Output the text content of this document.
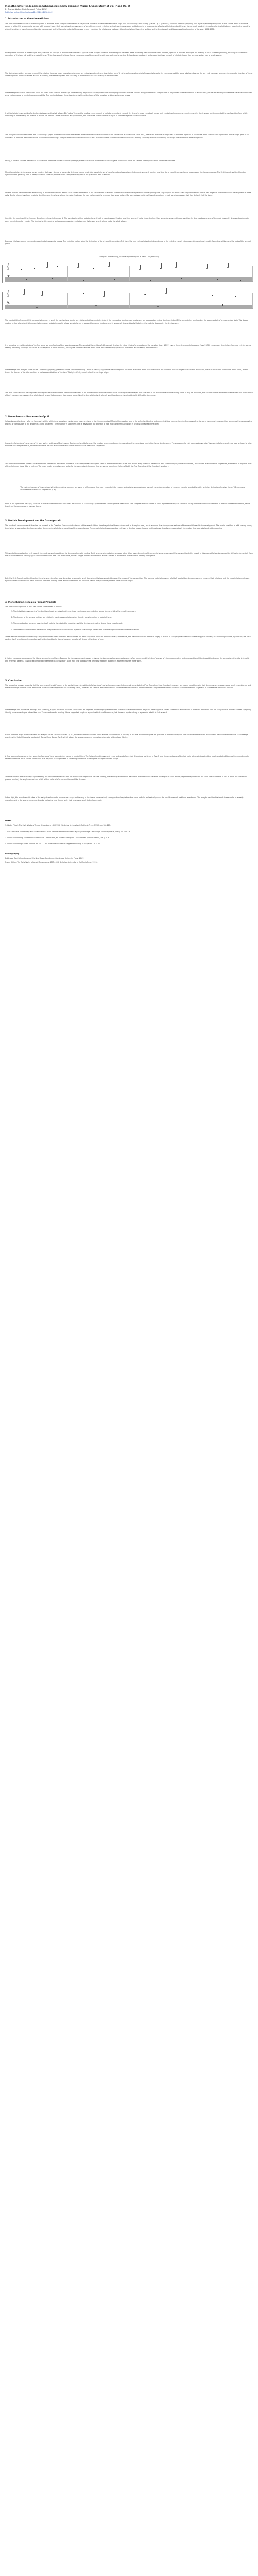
Monothematic Tendencies in Schoenberg's Early Chamber Music: A Case Study of Op. 7 and Op. 9
By Thomas Walker, Music Research Fellow (2016)
Published online: https://doi.org/10.1234/mt.2016.0042
1. Introduction -- Monothematicism
The term 'monothematicism' is commonly used to describe music composed so that all of its principal thematic material derives from a single idea. Schoenberg's First String Quartet, Op. 7 (1904-05) and the Chamber Symphony, Op. 9 (1906) are frequently cited as the central works of his tonal period in which this procedure is pursued with unusual rigour. Both works fuse the movements of a multi-movement cycle into a single continuous span, and both derive a large number of ostensibly independent themes from a small stock of intervallic cells. In what follows I examine the extent to which the notion of a single generating idea can account for the thematic content of these works, and I consider the relationship between Schoenberg's later theoretical writings on the Grundgestalt and his compositional practice of the years 1904-1906.
My argument proceeds in three stages. First, I review the concept of monothematicism as it appears in the analytic literature and distinguish between weak and strong versions of the claim. Second, I present a detailed reading of the opening of the Chamber Symphony, focusing on the motivic derivation of the horn call and the principal theme. Third, I consider the larger formal consequences of the monothematic approach and argue that Schoenberg's practice is better described as a network of related shapes than as a derivation from a single source.
The distinction matters because much of the existing literature treats monothematicism as an evaluative rather than a descriptive term. To call a work monothematic is frequently to praise its coherence; yet the same label can obscure the very real contrasts on which the dramatic structure of these works depends. A more nuanced account is needed, one that recognises both the unity of the material and the diversity of its characters.
Schoenberg himself was ambivalent about the term. In his lectures and essays he repeatedly emphasised the importance of 'developing variation' and the need for every element of a composition to be justified by its relationship to a basic idea, yet he was equally insistent that variety and contrast were indispensable to musical comprehensibility. The tension between these two demands lies at the heart of the analytical problems discussed below.
It will be helpful to set out briefly the terminology used in what follows. By 'motive' I mean the smallest recurring unit of melodic or rhythmic content; by 'theme' a larger, relatively closed unit consisting of one or more motives; and by 'basic shape' or Grundgestalt the configuration from which, according to Schoenberg, the themes of a work are derived. These definitions are provisional, and part of the purpose of this study is to test them against the music itself.
The analytic tradition associated with Schoenberg's pupils and their successors has tended to take the composer's own account of his methods at face value. Erwin Ratz, Josef Rufer and later Rudolph Reti all describe a process in which the whole composition is projected from a single germ. Carl Dahlhaus, in contrast, warned that such accounts risk confusing a compositional ideal with an analytical fact. In the discussion that follows I take Dahlhaus's warning seriously without abandoning the insight that the earlier writers captured.
Finally, a note on sources. References to the scores are to the Universal Edition printings; measure numbers follow the Gesamtausgabe. Translations from the German are my own unless otherwise indicated.
Monothematicism, in the strong sense, requires that every theme of a work be derivable from a single idea by a finite set of transformational operations. In the weak sense, it requires only that the principal themes share a recognisable family resemblance. The First Quartet and the Chamber Symphony are generally held to satisfy the weak criterion; whether they satisfy the strong one is the question I wish to address.
Several authors have answered affirmatively. In an influential study, Walter Frisch traced the themes of the First Quartet to a small number of intervallic cells presented in the opening bars, arguing that the work's vast single-movement form is held together by the continuous development of these cells. Similar claims have been made for the Chamber Symphony, where the rising fourths of the horn call are said to permeate the whole texture. My own analysis confirms these observations in part, but also suggests that they tell only half the story.
Consider the opening of the Chamber Symphony, shown in Example 1. The work begins with a sustained chord built of superimposed fourths, resolving onto an F major triad; the horn then presents an ascending series of fourths that has become one of the most frequently discussed gestures in early twentieth-century music. The fourth-chord is heard as a dissonance requiring resolution, and its tension is a structural motor for what follows.
Example 1 (shown below) reduces the opening to its essential voices. The reduction makes clear the derivation of the principal theme (bars 5-8) from the horn call, and also the independence of the cello line, which introduces a descending chromatic figure that will become the basis of the second group.
Example 1. Schoenberg, Chamber Symphony Op. 9, bars 1-12 (reduction)
The most striking feature of this passage is the way in which the horn's rising fourths are reinterpreted harmonically. In bar 4 the cumulative fourth-chord functions as an appoggiatura to the dominant; in bar 8 the same pitches are heard as the upper partials of an augmented sixth. This double reading is characteristic of Schoenberg's technique: a single intervallic shape is made to serve opposed harmonic functions, and it is precisely this ambiguity that gives the material its capacity for development.
It is tempting to read the whole of the first group as an unfolding of this opening gesture. The principal theme (bars 5-10) extends the fourths into a chain of arpeggiations; the transition (bars 13-22) inverts them; the cadential passage (bars 23-30) compresses them into a four-note cell. Yet such a reading inevitably privileges the fourth at the expense of other intervals, notably the semitone and the whole tone, which are equally prominent and which are not easily derived from it.
Schoenberg's own analytic notes on the Chamber Symphony, preserved in the Arnold Schönberg Center in Vienna, suggest that he too regarded the work as built on more than one source. He identifies two 'Grundgestalten' for the exposition, one built on fourths and one on whole tones, and he traces the themes of the later sections to various combinations of the two. This is, in effect, a dual rather than a single origin.
The dual-source account has important consequences for the question of monothematicism. If the themes of the work are derived from two independent shapes, then the work is not monothematic in the strong sense. It may be, however, that the two shapes are themselves related: the fourth-chord of bar 1 contains, as a subset, the whole-tone trichord that generates the second group. Whether this relation is structurally significant or merely coincidental is difficult to determine.
2. Monothematic Processes in Op. 9
Schoenberg's later theory offers a framework within which these questions can be posed more precisely. In the Fundamentals of Musical Composition and in the unfinished treatise on the musical idea, he describes the Grundgestalt as the germ from which a composition grows, and he compares the process of composition to the growth of a living organism. The metaphor is suggestive, but it leaves open the question of how much of the finished work is actually contained in the germ.
In practice Schoenberg's analyses of his own works, and those of Brahms and Beethoven, tend to focus on the relation between adjacent themes rather than on a global derivation from a single source. The procedure he calls 'developing variation' is essentially local: each new idea is shown to arise from the one that precedes it, and the cumulative result is a chain of related shapes rather than a tree with a single root.
This distinction between a chain and a tree model of thematic derivation provides a useful way of reassessing the claim of monothematicism. In the tree model, every theme is traced back to a common origin; in the chain model, each theme is related to its neighbours, but themes at opposite ends of the chain may share little or nothing. The chain model accounts much better for the contrasts of character that are such a prominent feature of both the First Quartet and the Chamber Symphony.
"The main advantage of this method is that the smallest elements are used in all forms and that many characteristic changes and relations are produced by such elements. A relation of contents can also be established by a similar derivation of motive forms." (Schoenberg, Fundamentals of Musical Composition, p. 8)
Read in the light of this passage, the claim of monothematicism looks less like a description of Schoenberg's practice than a retrospective idealisation. The composer himself seems to have regarded the unity of a work as arising from the continuous variation of a small number of elements, rather than from the dominance of a single theme.
3. Motivic Development and the Grundgestalt
The practical consequences of this view are evident in the Chamber Symphony's treatment of the recapitulation. Here the principal theme returns not in its original form, but in a version that incorporates features of the material heard in the development. The fourths are filled in with passing notes; the rhythm is augmented; the harmonisation draws on the whole-tone sonorities of the second group. The recapitulation thus presents a synthesis of the two source shapes, and in doing so it realises retrospectively the relation that was only latent at the opening.
This synthetic recapitulation is, I suggest, the most convincing evidence for the monothematic reading. But it is a monothematicism achieved rather than given: the unity of the material is not a premise of the composition but its result. In this respect Schoenberg's practice differs fundamentally from that of the nineteenth-century cyclic tradition associated with Liszt and Franck, where a single theme is transformed across a series of movements but retains its identity throughout.
Both the First Quartet and the Chamber Symphony are therefore best described as works in which thematic unity is constructed through the course of the composition. The opening material presents a field of possibilities; the development explores their relations; and the recapitulation realises a synthesis that could not have been predicted from the opening alone. Monothematicism, on this view, names the goal of the process rather than its origin.
4. Monothematicism as a Formal Principle
The formal consequences of this view can be summarised as follows:
1. The individual movements of the traditional cycle are absorbed into a single continuous span, with the sonata form providing the overall framework.
2. The themes of the several sections are related by continuous variation rather than by transformation of a single theme.
3. The recapitulation presents a synthesis of material from both the exposition and the development, rather than a literal restatement.
4. The coherence of the whole depends on the perception of intervallic and rhythmic relationships rather than on the recognition of literal thematic returns.
These features distinguish Schoenberg's single-movement forms from the earlier models on which they draw. In Liszt's B minor Sonata, for example, the transformation of themes is largely a matter of changing character while preserving pitch content; in Schoenberg's works, by contrast, the pitch content itself is continuously reworked, so that the identity of a theme becomes a matter of degree rather than of kind.
A further consequence concerns the listener's experience of form. Because the themes are continuously evolving, the boundaries between sections are often blurred, and the listener's sense of return depends less on the recognition of literal repetition than on the perception of familiar intervallic and rhythmic patterns. This places considerable demands on the listener, and it may help to explain the difficulty that early audiences experienced with these works.
5. Conclusion
The preceding analysis suggests that the term 'monothematic' needs to be used with care in relation to Schoenberg's early chamber music. In the weak sense, both the First Quartet and the Chamber Symphony are clearly monothematic: their themes share a recognisable family resemblance, and the relationships between them are audible and structurally significant. In the strong sense, however, the claim is difficult to sustain, since the themes cannot all be derived from a single source without recourse to transformations so general as to make the derivation vacuous.
Schoenberg's own theoretical writings, read carefully, support this more nuanced conclusion. His emphasis on developing variation and on the local relations between adjacent ideas suggests a chain rather than a tree model of thematic derivation, and his analytic notes on the Chamber Symphony identify two source shapes rather than one. The monothematic reading, I have suggested, captures a genuine feature of the music, but it does so by describing as a premise what is in fact a result.
Future research might fruitfully extend this analysis to the Second Quartet, Op. 10, where the introduction of a voice and the abandonment of tonality in the final movements pose the question of thematic unity in a new and more radical form. It would also be valuable to compare Schoenberg's practice with that of his pupils, particularly Berg's Piano Sonata Op. 1, which adopts the single-movement monothematic model with notable fidelity.
A final observation concerns the wider significance of these works in the history of musical form. The fusion of multi-movement cycle and sonata form that Schoenberg achieved in Opp. 7 and 9 represents one of the last major attempts to extend the tonal sonata tradition, and the monothematic tendency of these works can be understood as a response to the problem of sustaining coherence across spans of unprecedented length.
That the attempt was ultimately superseded by the twelve-tone method does not diminish its importance. On the contrary, the techniques of motivic saturation and continuous variation developed in these works prepared the ground for the serial practice of the 1920s, in which the row would provide precisely the single source from which all the material of a composition could be derived.
In this light, the monothematic ideal of the early chamber works appears as a stage on the way to the twelve-tone method, a compositional aspiration that could be fully realised only when the tonal framework had been abandoned. The analytic tradition that reads these works as already monothematic in the strong sense may thus be projecting onto them a unity that belongs properly to the later music.
Notes
1. Walter Frisch, The Early Works of Arnold Schoenberg, 1893-1908 (Berkeley: University of California Press, 1993), pp. 180-219.
2. Carl Dahlhaus, Schoenberg and the New Music, trans. Derrick Puffett and Alfred Clayton (Cambridge: Cambridge University Press, 1987), pp. 128-33.
3. Arnold Schoenberg, Fundamentals of Musical Composition, ed. Gerald Strang and Leonard Stein (London: Faber, 1967), p. 8.
4. Arnold Schönberg Center, Vienna, MS 14-21. The notes are undated but appear to belong to the period 1917-20.
Bibliography
Dahlhaus, Carl. Schoenberg and the New Music. Cambridge: Cambridge University Press, 1987.
Frisch, Walter. The Early Works of Arnold Schoenberg, 1893-1908. Berkeley: University of California Press, 1993.
